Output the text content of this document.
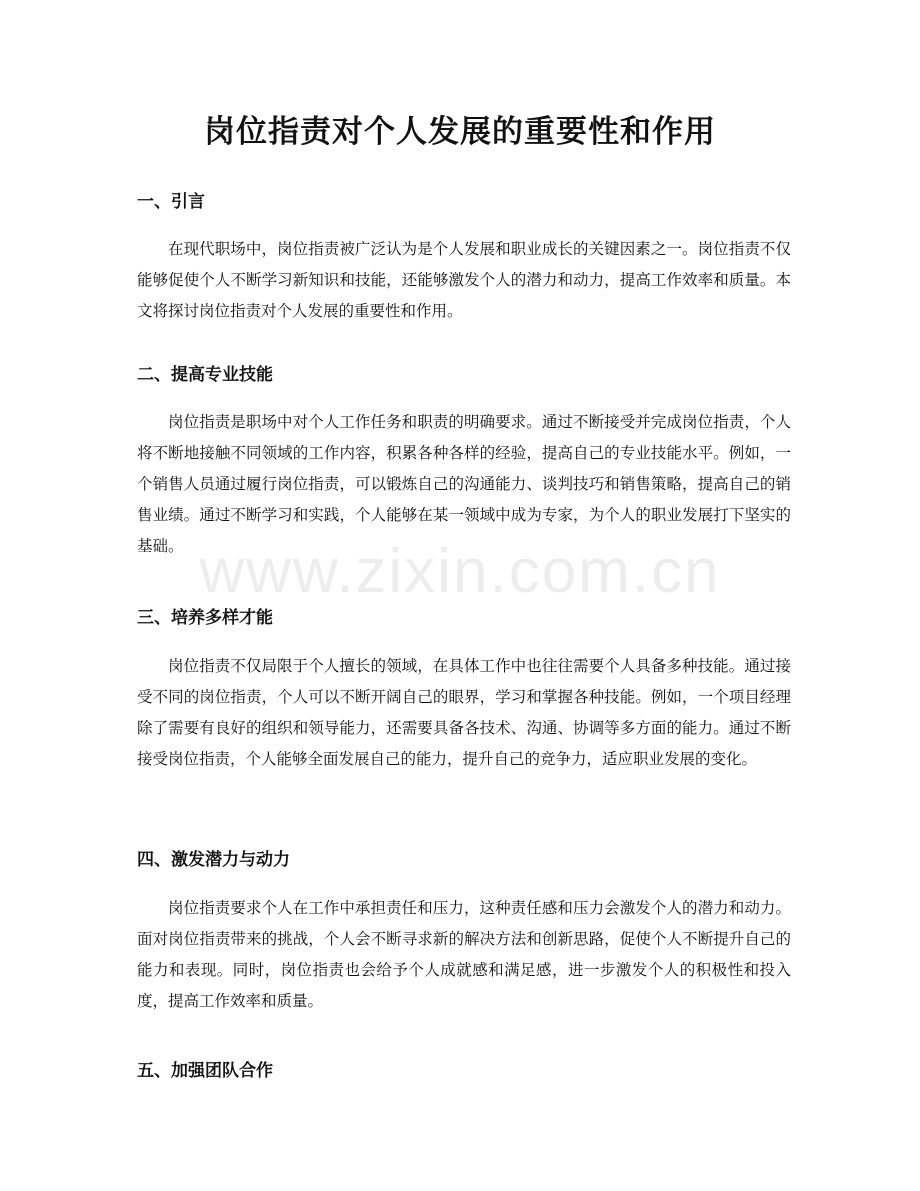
岗位指责对个人发展的重要性和作用
一、引言

在现代职场中，岗位指责被广泛认为是个人发展和职业成长的关键因素之一。岗位指责不仅能够促使个人不断学习新知识和技能，还能够激发个人的潜力和动力，提高工作效率和质量。本文将探讨岗位指责对个人发展的重要性和作用。

二、提高专业技能

岗位指责是职场中对个人工作任务和职责的明确要求。通过不断接受并完成岗位指责，个人将不断地接触不同领域的工作内容，积累各种各样的经验，提高自己的专业技能水平。例如，一个销售人员通过履行岗位指责，可以锻炼自己的沟通能力、谈判技巧和销售策略，提高自己的销售业绩。通过不断学习和实践，个人能够在某一领域中成为专家，为个人的职业发展打下坚实的基础。

三、培养多样才能

岗位指责不仅局限于个人擅长的领域，在具体工作中也往往需要个人具备多种技能。通过接受不同的岗位指责，个人可以不断开阔自己的眼界，学习和掌握各种技能。例如，一个项目经理除了需要有良好的组织和领导能力，还需要具备各技术、沟通、协调等多方面的能力。通过不断接受岗位指责，个人能够全面发展自己的能力，提升自己的竞争力，适应职业发展的变化。

四、激发潜力与动力

岗位指责要求个人在工作中承担责任和压力，这种责任感和压力会激发个人的潜力和动力。面对岗位指责带来的挑战，个人会不断寻求新的解决方法和创新思路，促使个人不断提升自己的能力和表现。同时，岗位指责也会给予个人成就感和满足感，进一步激发个人的积极性和投入度，提高工作效率和质量。

五、加强团队合作
www.zixin.com.cn
